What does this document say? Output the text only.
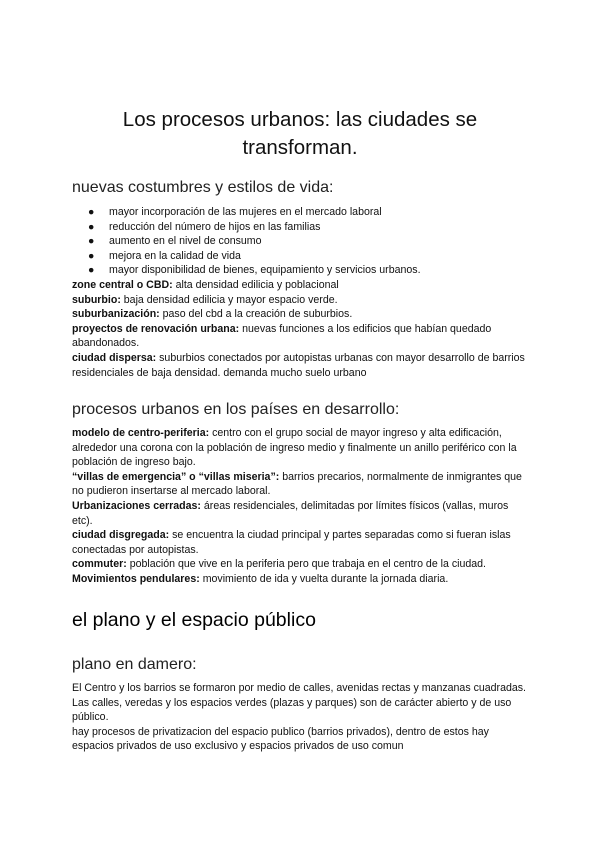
Los procesos urbanos: las ciudades se transforman.
nuevas costumbres y estilos de vida:
● mayor incorporación de las mujeres en el mercado laboral
● reducción del número de hijos en las familias
● aumento en el nivel de consumo
● mejora en la calidad de vida
● mayor disponibilidad de bienes, equipamiento y servicios urbanos.

zone central o CBD: alta densidad edilicia y poblacional

suburbio: baja densidad edilicia y mayor espacio verde.

suburbanización: paso del cbd a la creación de suburbios.

proyectos de renovación urbana: nuevas funciones a los edificios que habían quedado abandonados.

ciudad dispersa: suburbios conectados por autopistas urbanas con mayor desarrollo de barrios residenciales de baja densidad. demanda mucho suelo urbano

procesos urbanos en los países en desarrollo:

modelo de centro-periferia: centro con el grupo social de mayor ingreso y alta edificación, alrededor una corona con la población de ingreso medio y finalmente un anillo periférico con la población de ingreso bajo.

“villas de emergencia” o “villas miseria”: barrios precarios, normalmente de inmigrantes que no pudieron insertarse al mercado laboral.

Urbanizaciones cerradas: áreas residenciales, delimitadas por límites físicos (vallas, muros etc).

ciudad disgregada: se encuentra la ciudad principal y partes separadas como si fueran islas conectadas por autopistas.

commuter: población que vive en la periferia pero que trabaja en el centro de la ciudad.

Movimientos pendulares: movimiento de ida y vuelta durante la jornada diaria.

el plano y el espacio público
plano en damero:

El Centro y los barrios se formaron por medio de calles, avenidas rectas y manzanas cuadradas.

Las calles, veredas y los espacios verdes (plazas y parques) son de carácter abierto y de uso público.

hay procesos de privatizacion del espacio publico (barrios privados), dentro de estos hay espacios privados de uso exclusivo y espacios privados de uso comun
